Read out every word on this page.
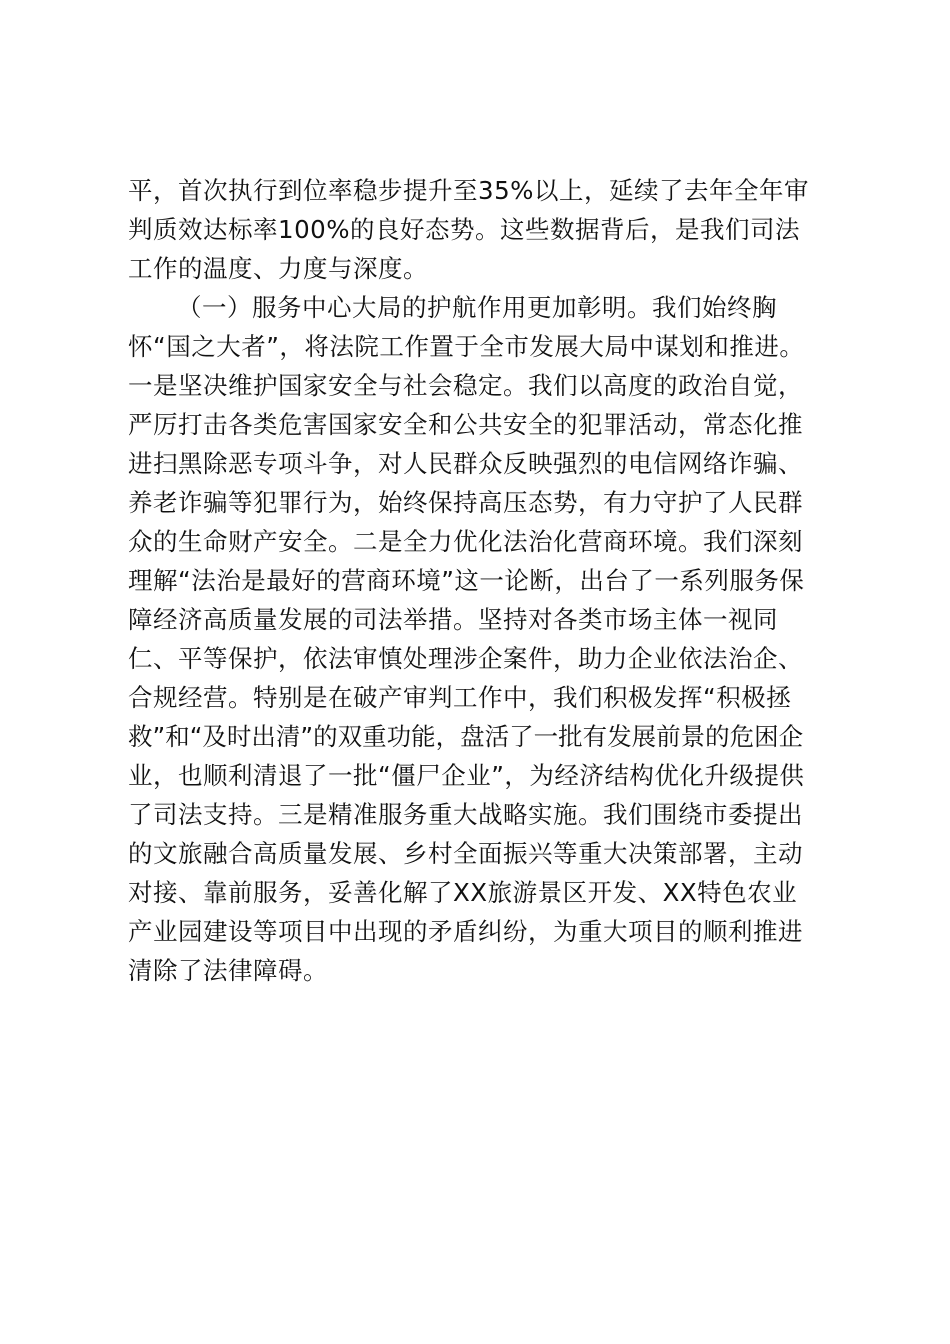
平，首次执行到位率稳步提升至35%以上，延续了去年全年审

判质效达标率100%的良好态势。这些数据背后，是我们司法

工作的温度、力度与深度。

（一）服务中心大局的护航作用更加彰明。我们始终胸

怀“国之大者”，将法院工作置于全市发展大局中谋划和推进。

一是坚决维护国家安全与社会稳定。我们以高度的政治自觉，

严厉打击各类危害国家安全和公共安全的犯罪活动，常态化推

进扫黑除恶专项斗争，对人民群众反映强烈的电信网络诈骗、

养老诈骗等犯罪行为，始终保持高压态势，有力守护了人民群

众的生命财产安全。二是全力优化法治化营商环境。我们深刻

理解“法治是最好的营商环境”这一论断，出台了一系列服务保

障经济高质量发展的司法举措。坚持对各类市场主体一视同

仁、平等保护，依法审慎处理涉企案件，助力企业依法治企、

合规经营。特别是在破产审判工作中，我们积极发挥“积极拯

救”和“及时出清”的双重功能，盘活了一批有发展前景的危困企

业，也顺利清退了一批“僵尸企业”，为经济结构优化升级提供

了司法支持。三是精准服务重大战略实施。我们围绕市委提出

的文旅融合高质量发展、乡村全面振兴等重大决策部署，主动

对接、靠前服务，妥善化解了XX旅游景区开发、XX特色农业

产业园建设等项目中出现的矛盾纠纷，为重大项目的顺利推进

清除了法律障碍。
